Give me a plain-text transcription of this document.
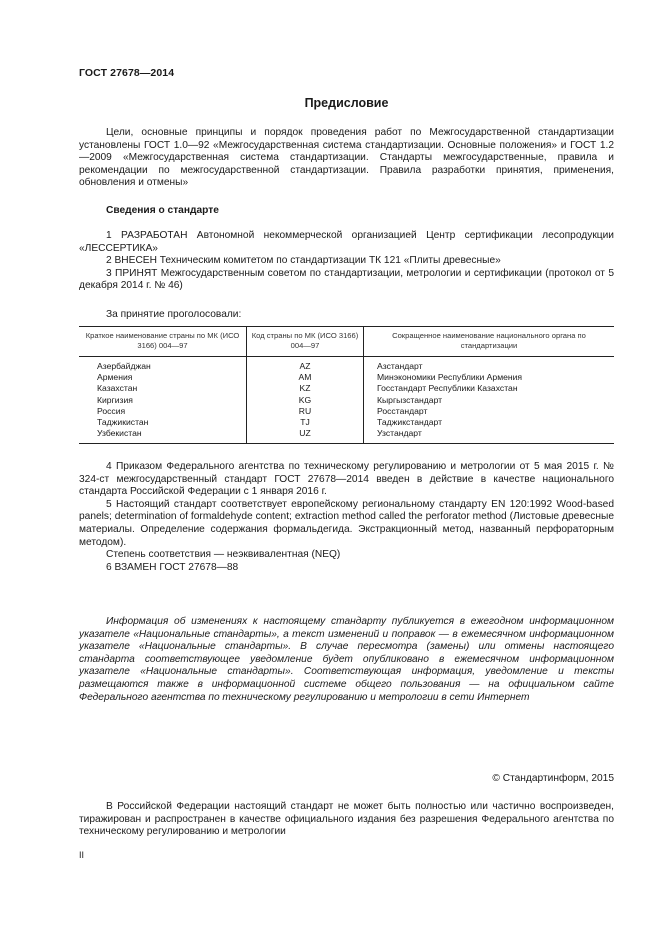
ГОСТ 27678—2014
Предисловие

Цели, основные принципы и порядок проведения работ по Межгосударственной стандартизации установлены ГОСТ 1.0—92 «Межгосударственная система стандартизации. Основные положения» и ГОСТ 1.2—2009 «Межгосударственная система стандартизации. Стандарты межгосударственные, правила и рекомендации по межгосударственной стандартизации. Правила разработки принятия, применения, обновления и отмены»

Сведения о стандарте

1 РАЗРАБОТАН Автономной некоммерческой организацией Центр сертификации лесопродукции «ЛЕССЕРТИКА»

2 ВНЕСЕН Техническим комитетом по стандартизации ТК 121 «Плиты древесные»

3 ПРИНЯТ Межгосударственным советом по стандартизации, метрологии и сертификации (протокол от 5 декабря 2014 г. № 46)

За принятие проголосовали:

Краткое наименование страны по МК (ИСО 3166) 004—97	Код страны по МК (ИСО 3166) 004—97	Сокращенное наименование национального органа по стандартизации
Азербайджан	AZ	Азстандарт
Армения	AM	Минэкономики Республики Армения
Казахстан	KZ	Госстандарт Республики Казахстан
Киргизия	KG	Кыргызстандарт
Россия	RU	Росстандарт
Таджикистан	TJ	Таджикстандарт
Узбекистан	UZ	Узстандарт

4 Приказом Федерального агентства по техническому регулированию и метрологии от 5 мая 2015 г. № 324-ст межгосударственный стандарт ГОСТ 27678—2014 введен в действие в качестве национального стандарта Российской Федерации с 1 января 2016 г.

5 Настоящий стандарт соответствует европейскому региональному стандарту EN 120:1992 Wood-based panels; determination of formaldehyde content; extraction method called the perforator method (Листовые древесные материалы. Определение содержания формальдегида. Экстракционный метод, названный перфораторным методом).

Степень соответствия — неэквивалентная (NEQ)

6 ВЗАМЕН ГОСТ 27678—88

Информация об изменениях к настоящему стандарту публикуется в ежегодном информационном указателе «Национальные стандарты», а текст изменений и поправок — в ежемесячном информационном указателе «Национальные стандарты». В случае пересмотра (замены) или отмены настоящего стандарта соответствующее уведомление будет опубликовано в ежемесячном информационном указателе «Национальные стандарты». Соответствующая информация, уведомление и тексты размещаются также в информационной системе общего пользования — на официальном сайте Федерального агентства по техническому регулированию и метрологии в сети Интернет

© Стандартинформ, 2015

В Российской Федерации настоящий стандарт не может быть полностью или частично воспроизведен, тиражирован и распространен в качестве официального издания без разрешения Федерального агентства по техническому регулированию и метрологии

II
